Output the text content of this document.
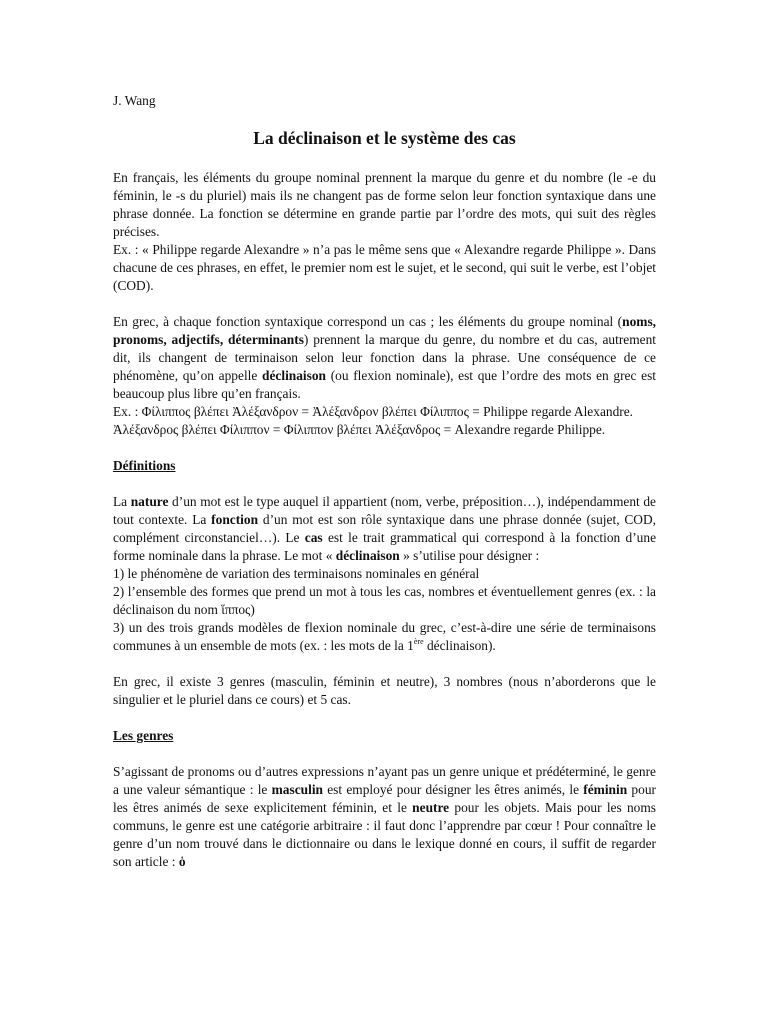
J. Wang

La déclinaison et le système des cas

En français, les éléments du groupe nominal prennent la marque du genre et du nombre (le -e du féminin, le -s du pluriel) mais ils ne changent pas de forme selon leur fonction syntaxique dans une phrase donnée. La fonction se détermine en grande partie par l’ordre des mots, qui suit des règles précises.

Ex. : « Philippe regarde Alexandre » n’a pas le même sens que « Alexandre regarde Philippe ». Dans chacune de ces phrases, en effet, le premier nom est le sujet, et le second, qui suit le verbe, est l’objet (COD).

En grec, à chaque fonction syntaxique correspond un cas ; les éléments du groupe nominal (noms, pronoms, adjectifs, déterminants) prennent la marque du genre, du nombre et du cas, autrement dit, ils changent de terminaison selon leur fonction dans la phrase. Une conséquence de ce phénomène, qu’on appelle déclinaison (ou flexion nominale), est que l’ordre des mots en grec est beaucoup plus libre qu’en français.

Ex. : Φίλιππος βλέπει Ἀλέξανδρον = Ἀλέξανδρον βλέπει Φίλιππος = Philippe regarde Alexandre.

Ἀλέξανδρος βλέπει Φίλιππον = Φίλιππον βλέπει Ἀλέξανδρος = Alexandre regarde Philippe.

Définitions

La nature d’un mot est le type auquel il appartient (nom, verbe, préposition…), indépendamment de tout contexte. La fonction d’un mot est son rôle syntaxique dans une phrase donnée (sujet, COD, complément circonstanciel…). Le cas est le trait grammatical qui correspond à la fonction d’une forme nominale dans la phrase. Le mot « déclinaison » s’utilise pour désigner :

1) le phénomène de variation des terminaisons nominales en général

2) l’ensemble des formes que prend un mot à tous les cas, nombres et éventuellement genres (ex. : la déclinaison du nom ἵππος)

3) un des trois grands modèles de flexion nominale du grec, c’est-à-dire une série de terminaisons communes à un ensemble de mots (ex. : les mots de la 1ère déclinaison).

En grec, il existe 3 genres (masculin, féminin et neutre), 3 nombres (nous n’aborderons que le singulier et le pluriel dans ce cours) et 5 cas.

Les genres

S’agissant de pronoms ou d’autres expressions n’ayant pas un genre unique et prédéterminé, le genre a une valeur sémantique : le masculin est employé pour désigner les êtres animés, le féminin pour les êtres animés de sexe explicitement féminin, et le neutre pour les objets. Mais pour les noms communs, le genre est une catégorie arbitraire : il faut donc l’apprendre par cœur ! Pour connaître le genre d’un nom trouvé dans le dictionnaire ou dans le lexique donné en cours, il suffit de regarder son article : ὁ
